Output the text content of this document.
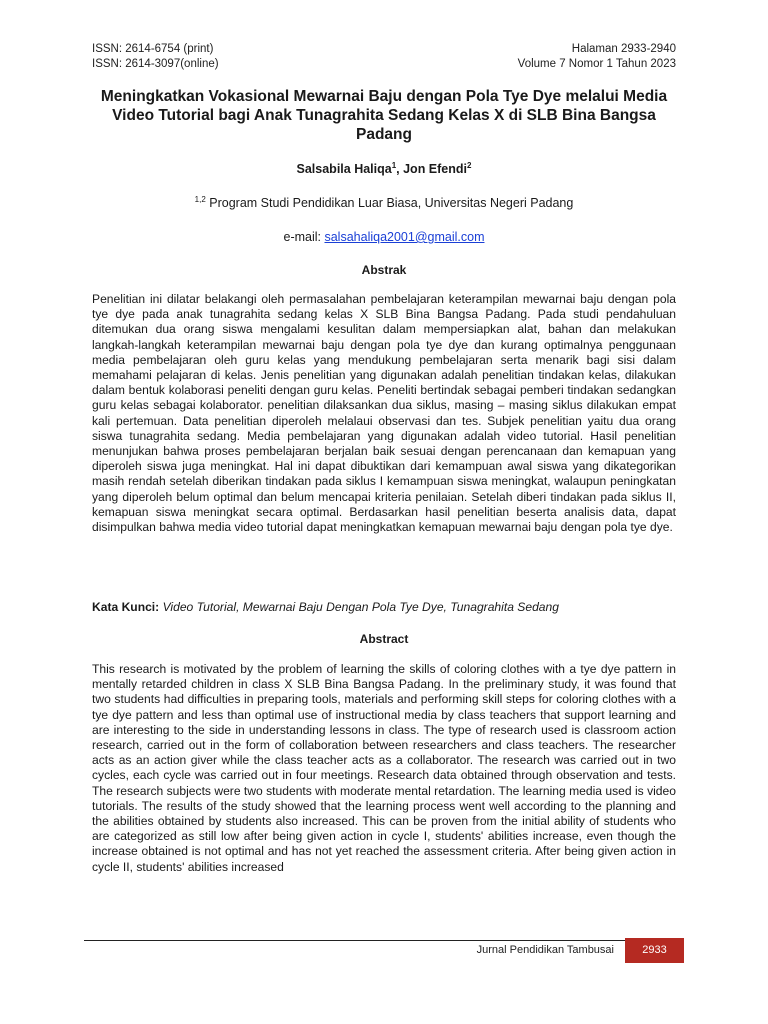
ISSN: 2614-6754 (print)
ISSN: 2614-3097(online)
Halaman 2933-2940
Volume 7 Nomor 1 Tahun 2023
Meningkatkan Vokasional Mewarnai Baju dengan Pola Tye Dye melalui Media Video Tutorial bagi Anak Tunagrahita Sedang Kelas X di SLB Bina Bangsa Padang
Salsabila Haliqa$^1$, Jon Efendi$^2$
$^{1,2}$ Program Studi Pendidikan Luar Biasa, Universitas Negeri Padang
e-mail: salsahaliqa2001@gmail.com
Abstrak

Penelitian ini dilatar belakangi oleh permasalahan pembelajaran keterampilan mewarnai baju dengan pola tye dye pada anak tunagrahita sedang kelas X SLB Bina Bangsa Padang. Pada studi pendahuluan ditemukan dua orang siswa mengalami kesulitan dalam mempersiapkan alat, bahan dan melakukan langkah-langkah keterampilan mewarnai baju dengan pola tye dye dan kurang optimalnya penggunaan media pembelajaran oleh guru kelas yang mendukung pembelajaran serta menarik bagi sisi dalam memahami pelajaran di kelas. Jenis penelitian yang digunakan adalah penelitian tindakan kelas, dilakukan dalam bentuk kolaborasi peneliti dengan guru kelas. Peneliti bertindak sebagai pemberi tindakan sedangkan guru kelas sebagai kolaborator. penelitian dilaksankan dua siklus, masing – masing siklus dilakukan empat kali pertemuan. Data penelitian diperoleh melalaui observasi dan tes. Subjek penelitian yaitu dua orang siswa tunagrahita sedang. Media pembelajaran yang digunakan adalah video tutorial. Hasil penelitian menunjukan bahwa proses pembelajaran berjalan baik sesuai dengan perencanaan dan kemapuan yang diperoleh siswa juga meningkat. Hal ini dapat dibuktikan dari kemampuan awal siswa yang dikategorikan masih rendah setelah diberikan tindakan pada siklus I kemampuan siswa meningkat, walaupun peningkatan yang diperoleh belum optimal dan belum mencapai kriteria penilaian. Setelah diberi tindakan pada siklus II, kemapuan siswa meningkat secara optimal. Berdasarkan hasil penelitian beserta analisis data, dapat disimpulkan bahwa media video tutorial dapat meningkatkan kemapuan mewarnai baju dengan pola tye dye.

Kata Kunci: Video Tutorial, Mewarnai Baju Dengan Pola Tye Dye, Tunagrahita Sedang
Abstract

This research is motivated by the problem of learning the skills of coloring clothes with a tye dye pattern in mentally retarded children in class X SLB Bina Bangsa Padang. In the preliminary study, it was found that two students had difficulties in preparing tools, materials and performing skill steps for coloring clothes with a tye dye pattern and less than optimal use of instructional media by class teachers that support learning and are interesting to the side in understanding lessons in class. The type of research used is classroom action research, carried out in the form of collaboration between researchers and class teachers. The researcher acts as an action giver while the class teacher acts as a collaborator. The research was carried out in two cycles, each cycle was carried out in four meetings. Research data obtained through observation and tests. The research subjects were two students with moderate mental retardation. The learning media used is video tutorials. The results of the study showed that the learning process went well according to the planning and the abilities obtained by students also increased. This can be proven from the initial ability of students who are categorized as still low after being given action in cycle I, students' abilities increase, even though the increase obtained is not optimal and has not yet reached the assessment criteria. After being given action in cycle II, students' abilities increased

Jurnal Pendidikan Tambusai	2933
